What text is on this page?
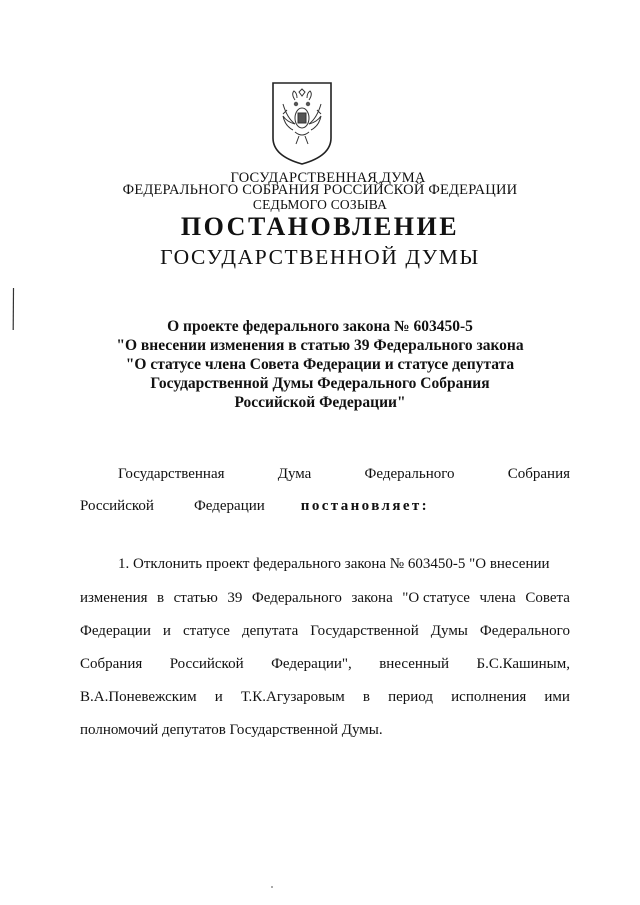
ГОСУДАРСТВЕННАЯ ДУМА
ФЕДЕРАЛЬНОГО СОБРАНИЯ РОССИЙСКОЙ ФЕДЕРАЦИИ
СЕДЬМОГО СОЗЫВА
ПОСТАНОВЛЕНИЕ
ГОСУДАРСТВЕННОЙ ДУМЫ
О проекте федерального закона № 603450-5
"О внесении изменения в статью 39 Федерального закона
"О статусе члена Совета Федерации и статусе депутата
Государственной Думы Федерального Собрания
Российской Федерации"
Государственная	Дума	Федерального	Собрания
Российской	Федерации постановляет:
1. Отклонить проект федерального закона № 603450-5 "О внесении
изменения в статью 39 Федерального закона "О статусе члена Совета
Федерации и статусе депутата Государственной Думы Федерального
Собрания Российской Федерации", внесенный Б.С.Кашиным,
В.А.Поневежским и Т.К.Агузаровым в период исполнения ими
полномочий депутатов Государственной Думы.
